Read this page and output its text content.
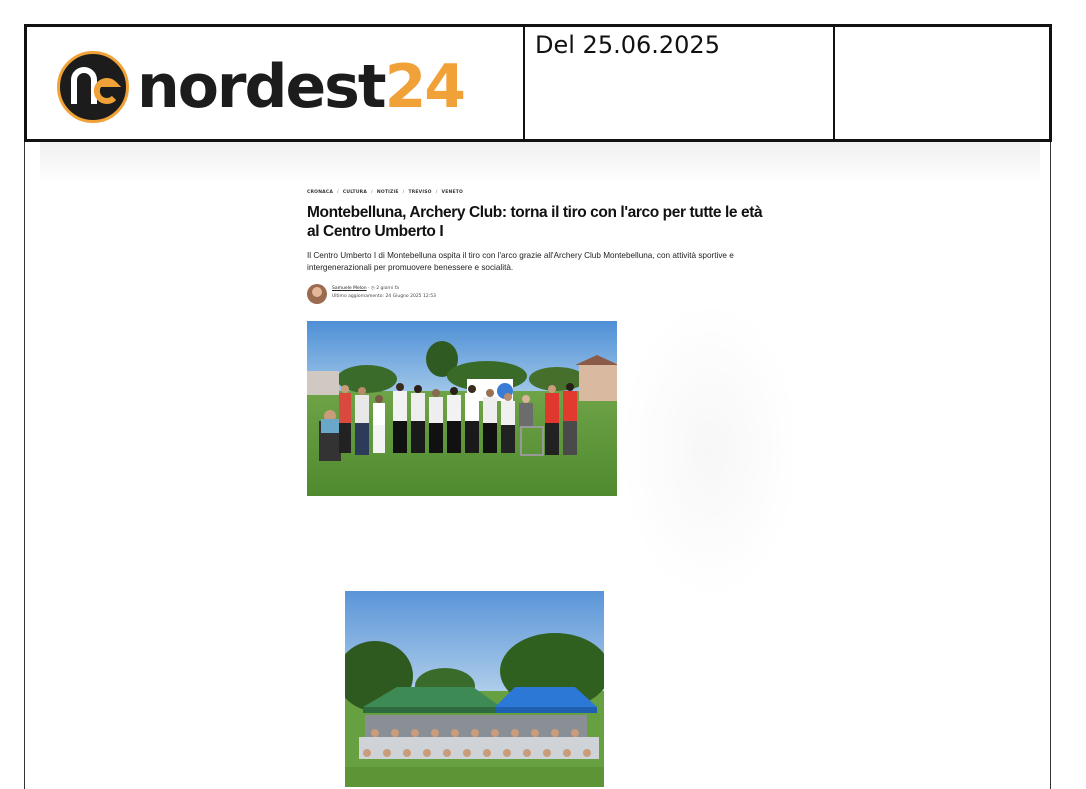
nordest24
Del 25.06.2025
CRONACA / CULTURA / NOTIZIE / TREVISO / VENETO
Montebelluna, Archery Club: torna il tiro con l'arco per tutte le età al Centro Umberto I

Il Centro Umberto I di Montebelluna ospita il tiro con l'arco grazie all'Archery Club Montebelluna, con attività sportive e intergenerazionali per promuovere benessere e socialità.

Samuele Melon · ◷ 2 giorni fa
Ultimo aggiornamento: 24 Giugno 2025 12:53
